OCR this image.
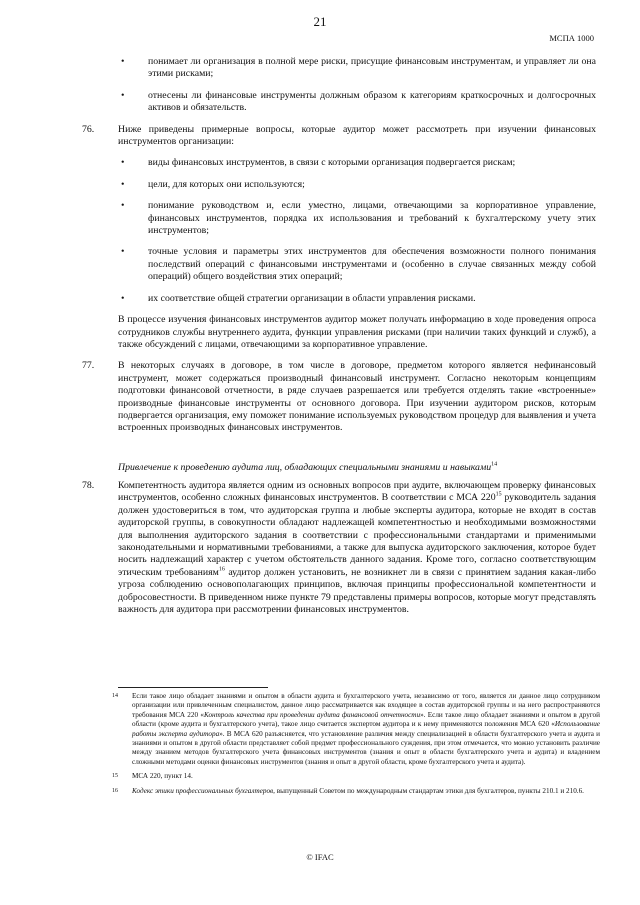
21
МСПА 1000
• понимает ли организация в полной мере риски, присущие финансовым инструментам, и управляет ли она этими рисками;
• отнесены ли финансовые инструменты должным образом к категориям краткосрочных и долгосрочных активов и обязательств.
76. Ниже приведены примерные вопросы, которые аудитор может рассмотреть при изучении финансовых инструментов организации:
• виды финансовых инструментов, в связи с которыми организация подвергается рискам;
• цели, для которых они используются;
• понимание руководством и, если уместно, лицами, отвечающими за корпоративное управление, финансовых инструментов, порядка их использования и требований к бухгалтерскому учету этих инструментов;
• точные условия и параметры этих инструментов для обеспечения возможности полного понимания последствий операций с финансовыми инструментами и (особенно в случае связанных между собой операций) общего воздействия этих операций;
• их соответствие общей стратегии организации в области управления рисками.
В процессе изучения финансовых инструментов аудитор может получать информацию в ходе проведения опроса сотрудников службы внутреннего аудита, функции управления рисками (при наличии таких функций и служб), а также обсуждений с лицами, отвечающими за корпоративное управление.
77. В некоторых случаях в договоре, в том числе в договоре, предметом которого является нефинансовый инструмент, может содержаться производный финансовый инструмент. Согласно некоторым концепциям подготовки финансовой отчетности, в ряде случаев разрешается или требуется отделять такие «встроенные» производные финансовые инструменты от основного договора. При изучении аудитором рисков, которым подвергается организация, ему поможет понимание используемых руководством процедур для выявления и учета встроенных производных финансовых инструментов.
Привлечение к проведению аудита лиц, обладающих специальными знаниями и навыками$^{14}$
78. Компетентность аудитора является одним из основных вопросов при аудите, включающем проверку финансовых инструментов, особенно сложных финансовых инструментов. В соответствии с МСА $220^{15}$ руководитель задания должен удостовериться в том, что аудиторская группа и любые эксперты аудитора, которые не входят в состав аудиторской группы, в совокупности обладают надлежащей компетентностью и необходимыми возможностями для выполнения аудиторского задания в соответствии с профессиональными стандартами и применимыми законодательными и нормативными требованиями, а также для выпуска аудиторского заключения, которое будет носить надлежащий характер с учетом обстоятельств данного задания. Кроме того, согласно соответствующим этическим требованиям$^{16}$ аудитор должен установить, не возникнет ли в связи с принятием задания какая-либо угроза соблюдению основополагающих принципов, включая принципы профессиональной компетентности и добросовестности. В приведенном ниже пункте 79 представлены примеры вопросов, которые могут представлять важность для аудитора при рассмотрении финансовых инструментов.
14 Если такое лицо обладает знаниями и опытом в области аудита и бухгалтерского учета, независимо от того, является ли данное лицо сотрудником организации или привлеченным специалистом, данное лицо рассматривается как входящее в состав аудиторской группы и на него распространяются требования МСА 220 «Контроль качества при проведении аудита финансовой отчетности». Если такое лицо обладает знаниями и опытом в другой области (кроме аудита и бухгалтерского учета), такое лицо считается экспертом аудитора и к нему применяются положения МСА 620 «Использование работы эксперта аудитора». В МСА 620 разъясняется, что установление различия между специализацией в области бухгалтерского учета и аудита и знаниями и опытом в другой области представляет собой предмет профессионального суждения, при этом отмечается, что можно установить различие между знанием методов бухгалтерского учета финансовых инструментов (знания и опыт в области бухгалтерского учета и аудита) и владением сложными методами оценки финансовых инструментов (знания и опыт в другой области, кроме бухгалтерского учета и аудита).
15 МСА 220, пункт 14.
16 Кодекс этики профессиональных бухгалтеров, выпущенный Советом по международным стандартам этики для бухгалтеров, пункты 210.1 и 210.6.
© IFAC
